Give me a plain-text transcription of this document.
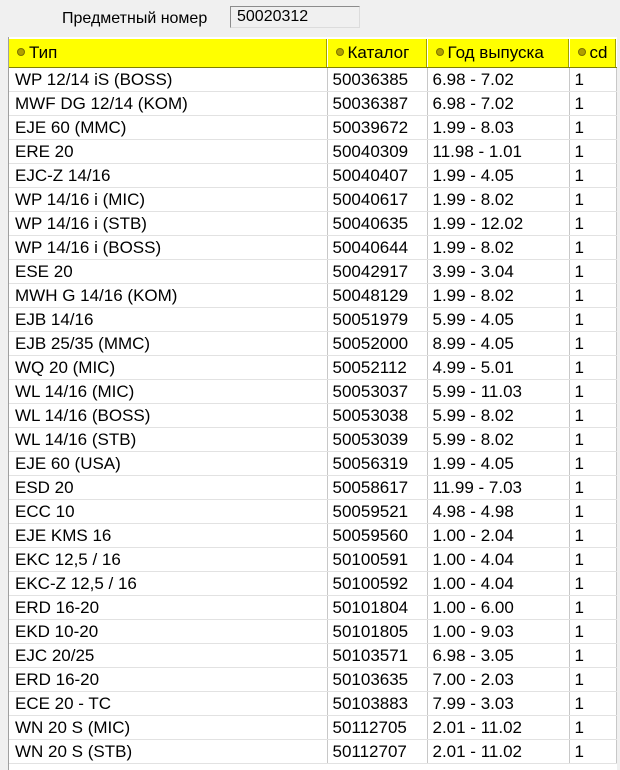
Предметный номер	50020312
Тип	Каталог	Год выпуска	cd
WP 12/14 iS (BOSS)	50036385	6.98 - 7.02	1
MWF DG 12/14 (KOM)	50036387	6.98 - 7.02	1
EJE 60 (MMC)	50039672	1.99 - 8.03	1
ERE 20	50040309	11.98 - 1.01	1
EJC-Z 14/16	50040407	1.99 - 4.05	1
WP 14/16 i (MIC)	50040617	1.99 - 8.02	1
WP 14/16 i (STB)	50040635	1.99 - 12.02	1
WP 14/16 i (BOSS)	50040644	1.99 - 8.02	1
ESE 20	50042917	3.99 - 3.04	1
MWH G 14/16 (KOM)	50048129	1.99 - 8.02	1
EJB 14/16	50051979	5.99 - 4.05	1
EJB 25/35 (MMC)	50052000	8.99 - 4.05	1
WQ 20 (MIC)	50052112	4.99 - 5.01	1
WL 14/16 (MIC)	50053037	5.99 - 11.03	1
WL 14/16 (BOSS)	50053038	5.99 - 8.02	1
WL 14/16 (STB)	50053039	5.99 - 8.02	1
EJE 60 (USA)	50056319	1.99 - 4.05	1
ESD 20	50058617	11.99 - 7.03	1
ECC 10	50059521	4.98 - 4.98	1
EJE KMS 16	50059560	1.00 - 2.04	1
EKC 12,5 / 16	50100591	1.00 - 4.04	1
EKC-Z 12,5 / 16	50100592	1.00 - 4.04	1
ERD 16-20	50101804	1.00 - 6.00	1
EKD 10-20	50101805	1.00 - 9.03	1
EJC 20/25	50103571	6.98 - 3.05	1
ERD 16-20	50103635	7.00 - 2.03	1
ECE 20 - TC	50103883	7.99 - 3.03	1
WN 20 S (MIC)	50112705	2.01 - 11.02	1
WN 20 S (STB)	50112707	2.01 - 11.02	1
